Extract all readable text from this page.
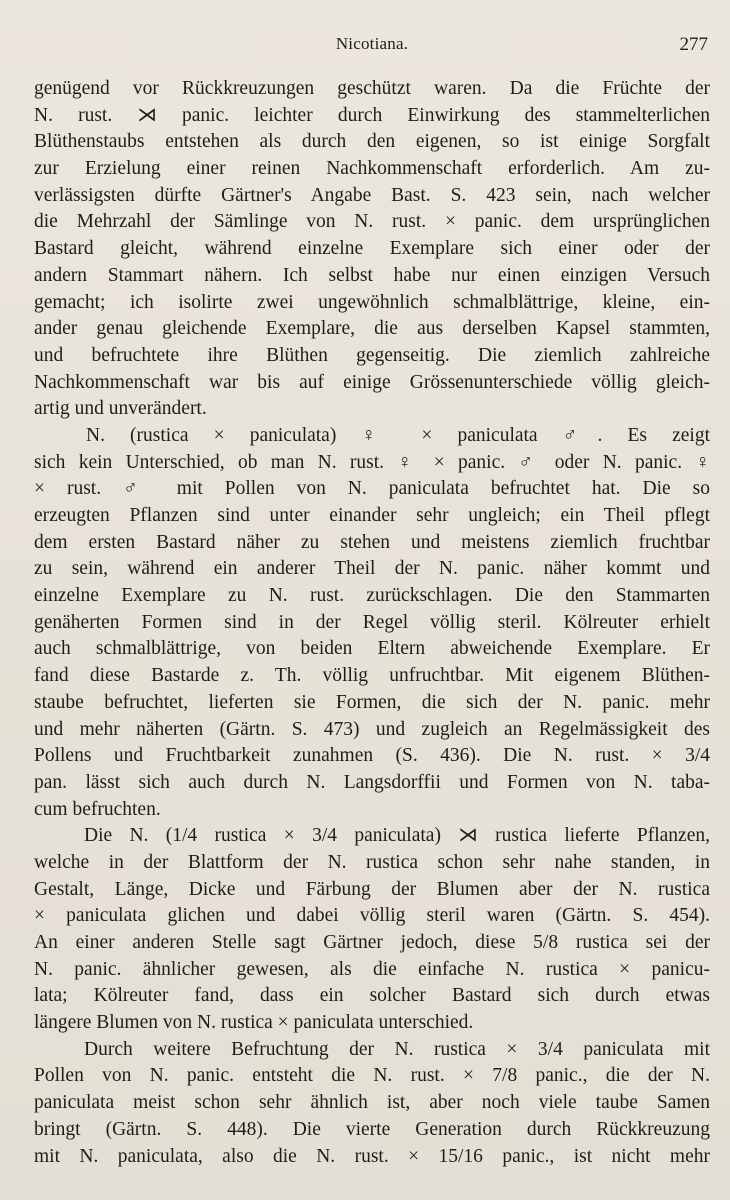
Nicotiana.	277
genügend vor Rückkreuzungen geschützt waren. Da die Früchte der
N. rust. ⋊ panic. leichter durch Einwirkung des stammelterlichen
Blüthenstaubs entstehen als durch den eigenen, so ist einige Sorgfalt
zur Erzielung einer reinen Nachkommenschaft erforderlich. Am zu-
verlässigsten dürfte Gärtner's Angabe Bast. S. 423 sein, nach welcher
die Mehrzahl der Sämlinge von N. rust. × panic. dem ursprünglichen
Bastard gleicht, während einzelne Exemplare sich einer oder der
andern Stammart nähern. Ich selbst habe nur einen einzigen Versuch
gemacht; ich isolirte zwei ungewöhnlich schmalblättrige, kleine, ein-
ander genau gleichende Exemplare, die aus derselben Kapsel stammten,
und befruchtete ihre Blüthen gegenseitig. Die ziemlich zahlreiche
Nachkommenschaft war bis auf einige Grössenunterschiede völlig gleich-
artig und unverändert.
N. (rustica × paniculata) ♀ × paniculata ♂. Es zeigt
sich kein Unterschied, ob man N. rust. ♀ × panic. ♂ oder N. panic. ♀
× rust. ♂ mit Pollen von N. paniculata befruchtet hat. Die so
erzeugten Pflanzen sind unter einander sehr ungleich; ein Theil pflegt
dem ersten Bastard näher zu stehen und meistens ziemlich fruchtbar
zu sein, während ein anderer Theil der N. panic. näher kommt und
einzelne Exemplare zu N. rust. zurückschlagen. Die den Stammarten
genäherten Formen sind in der Regel völlig steril. Kölreuter erhielt
auch schmalblättrige, von beiden Eltern abweichende Exemplare. Er
fand diese Bastarde z. Th. völlig unfruchtbar. Mit eigenem Blüthen-
staube befruchtet, lieferten sie Formen, die sich der N. panic. mehr
und mehr näherten (Gärtn. S. 473) und zugleich an Regelmässigkeit des
Pollens und Fruchtbarkeit zunahmen (S. 436). Die N. rust. × 3/4
pan. lässt sich auch durch N. Langsdorffii und Formen von N. taba-
cum befruchten.
Die N. (1/4 rustica × 3/4 paniculata) ⋊ rustica lieferte Pflanzen,
welche in der Blattform der N. rustica schon sehr nahe standen, in
Gestalt, Länge, Dicke und Färbung der Blumen aber der N. rustica
× paniculata glichen und dabei völlig steril waren (Gärtn. S. 454).
An einer anderen Stelle sagt Gärtner jedoch, diese 5/8 rustica sei der
N. panic. ähnlicher gewesen, als die einfache N. rustica × panicu-
lata; Kölreuter fand, dass ein solcher Bastard sich durch etwas
längere Blumen von N. rustica × paniculata unterschied.
Durch weitere Befruchtung der N. rustica × 3/4 paniculata mit
Pollen von N. panic. entsteht die N. rust. × 7/8 panic., die der N.
paniculata meist schon sehr ähnlich ist, aber noch viele taube Samen
bringt (Gärtn. S. 448). Die vierte Generation durch Rückkreuzung
mit N. paniculata, also die N. rust. × 15/16 panic., ist nicht mehr
